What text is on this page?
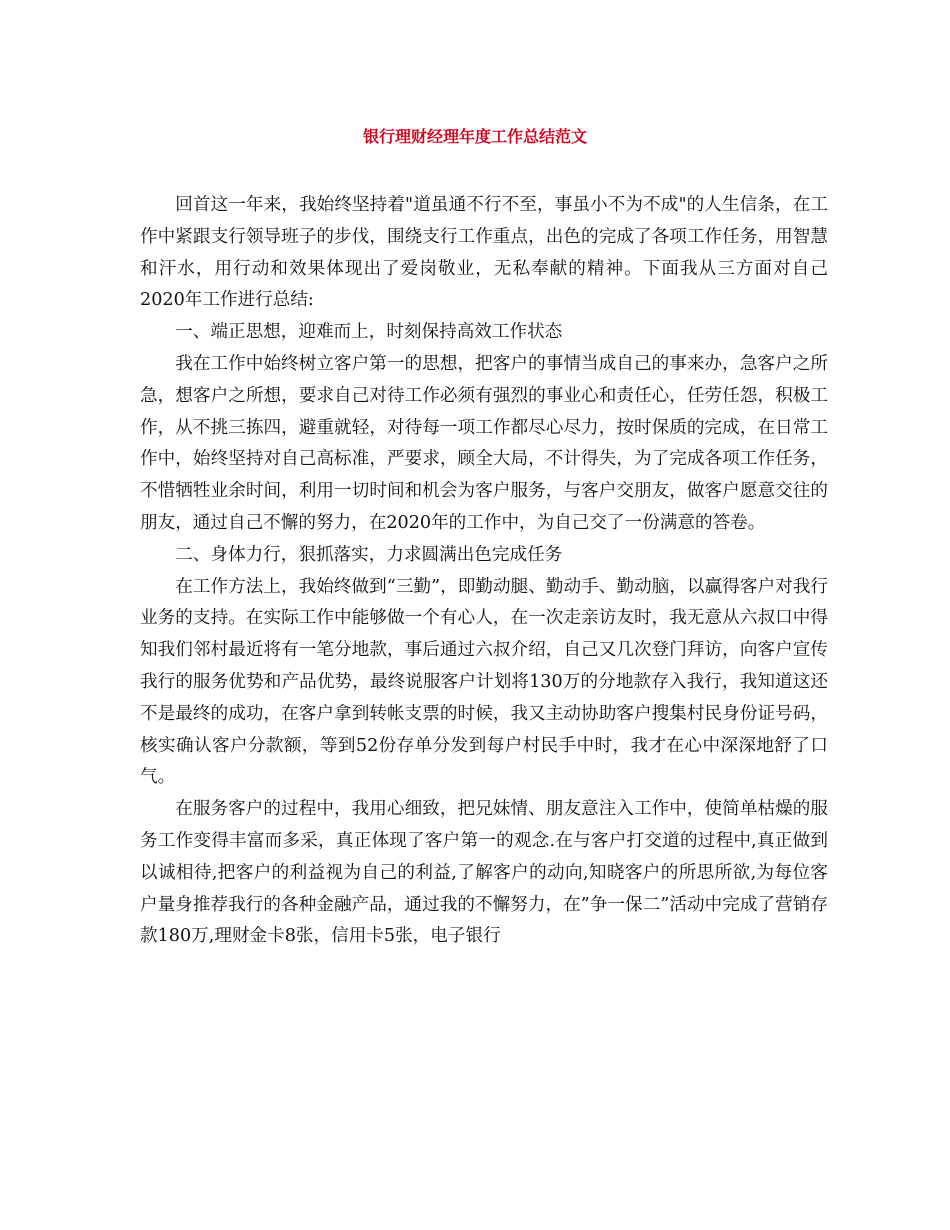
银行理财经理年度工作总结范文

回首这一年来，我始终坚持着"道虽通不行不至，事虽小不为不成"的人生信条，在工作中紧跟支行领导班子的步伐，围绕支行工作重点，出色的完成了各项工作任务，用智慧和汗水，用行动和效果体现出了爱岗敬业，无私奉献的精神。下面我从三方面对自己2020年工作进行总结:

一、端正思想，迎难而上，时刻保持高效工作状态

我在工作中始终树立客户第一的思想，把客户的事情当成自己的事来办，急客户之所急，想客户之所想，要求自己对待工作必须有强烈的事业心和责任心，任劳任怨，积极工作，从不挑三拣四，避重就轻，对待每一项工作都尽心尽力，按时保质的完成，在日常工作中，始终坚持对自己高标准，严要求，顾全大局，不计得失，为了完成各项工作任务，不惜牺牲业余时间，利用一切时间和机会为客户服务，与客户交朋友，做客户愿意交往的朋友，通过自己不懈的努力，在2020年的工作中，为自己交了一份满意的答卷。

二、身体力行，狠抓落实，力求圆满出色完成任务

在工作方法上，我始终做到“三勤”，即勤动腿、勤动手、勤动脑，以赢得客户对我行业务的支持。在实际工作中能够做一个有心人，在一次走亲访友时，我无意从六叔口中得知我们邻村最近将有一笔分地款，事后通过六叔介绍，自己又几次登门拜访，向客户宣传我行的服务优势和产品优势，最终说服客户计划将130万的分地款存入我行，我知道这还不是最终的成功，在客户拿到转帐支票的时候，我又主动协助客户搜集村民身份证号码，核实确认客户分款额，等到52份存单分发到每户村民手中时，我才在心中深深地舒了口气。

在服务客户的过程中，我用心细致，把兄妹情、朋友意注入工作中，使简单枯燥的服务工作变得丰富而多采，真正体现了客户第一的观念.在与客户打交道的过程中,真正做到以诚相待,把客户的利益视为自己的利益,了解客户的动向,知晓客户的所思所欲,为每位客户量身推荐我行的各种金融产品，通过我的不懈努力，在”争一保二”活动中完成了营销存款180万,理财金卡8张，信用卡5张，电子银行
